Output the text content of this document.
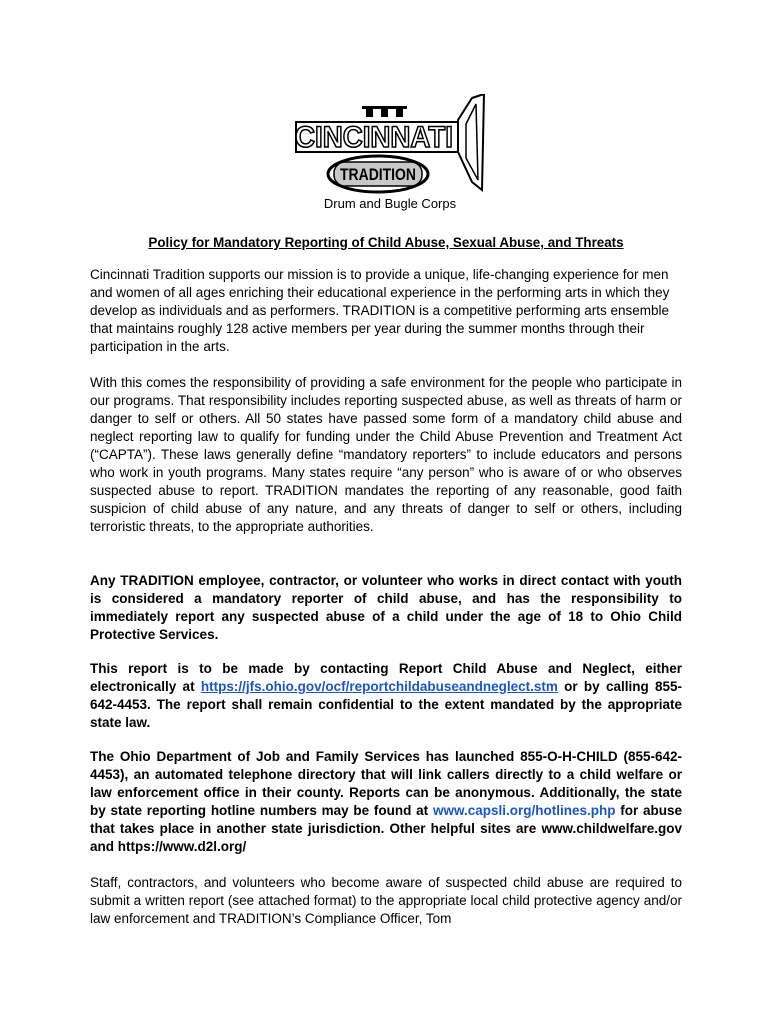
CINCINNATI
TRADITION
Drum and Bugle Corps
Policy for Mandatory Reporting of Child Abuse, Sexual Abuse, and Threats

Cincinnati Tradition supports our mission is to provide a unique, life-changing experience for men and women of all ages enriching their educational experience in the performing arts in which they develop as individuals and as performers. TRADITION is a competitive performing arts ensemble that maintains roughly 128 active members per year during the summer months through their participation in the arts.

With this comes the responsibility of providing a safe environment for the people who participate in our programs. That responsibility includes reporting suspected abuse, as well as threats of harm or danger to self or others. All 50 states have passed some form of a mandatory child abuse and neglect reporting law to qualify for funding under the Child Abuse Prevention and Treatment Act (“CAPTA”). These laws generally define “mandatory reporters” to include educators and persons who work in youth programs. Many states require “any person” who is aware of or who observes suspected abuse to report. TRADITION mandates the reporting of any reasonable, good faith suspicion of child abuse of any nature, and any threats of danger to self or others, including terroristic threats, to the appropriate authorities.

Any TRADITION employee, contractor, or volunteer who works in direct contact with youth is considered a mandatory reporter of child abuse, and has the responsibility to immediately report any suspected abuse of a child under the age of 18 to Ohio Child Protective Services.

This report is to be made by contacting Report Child Abuse and Neglect, either electronically at https://jfs.ohio.gov/ocf/reportchildabuseandneglect.stm or by calling 855-642-4453. The report shall remain confidential to the extent mandated by the appropriate state law.

The Ohio Department of Job and Family Services has launched 855-O-H-CHILD (855-642-4453), an automated telephone directory that will link callers directly to a child welfare or law enforcement office in their county. Reports can be anonymous. Additionally, the state by state reporting hotline numbers may be found at www.capsli.org/hotlines.php for abuse that takes place in another state jurisdiction. Other helpful sites are www.childwelfare.gov and https://www.d2l.org/

Staff, contractors, and volunteers who become aware of suspected child abuse are required to submit a written report (see attached format) to the appropriate local child protective agency and/or law enforcement and TRADITION’s Compliance Officer, Tom
